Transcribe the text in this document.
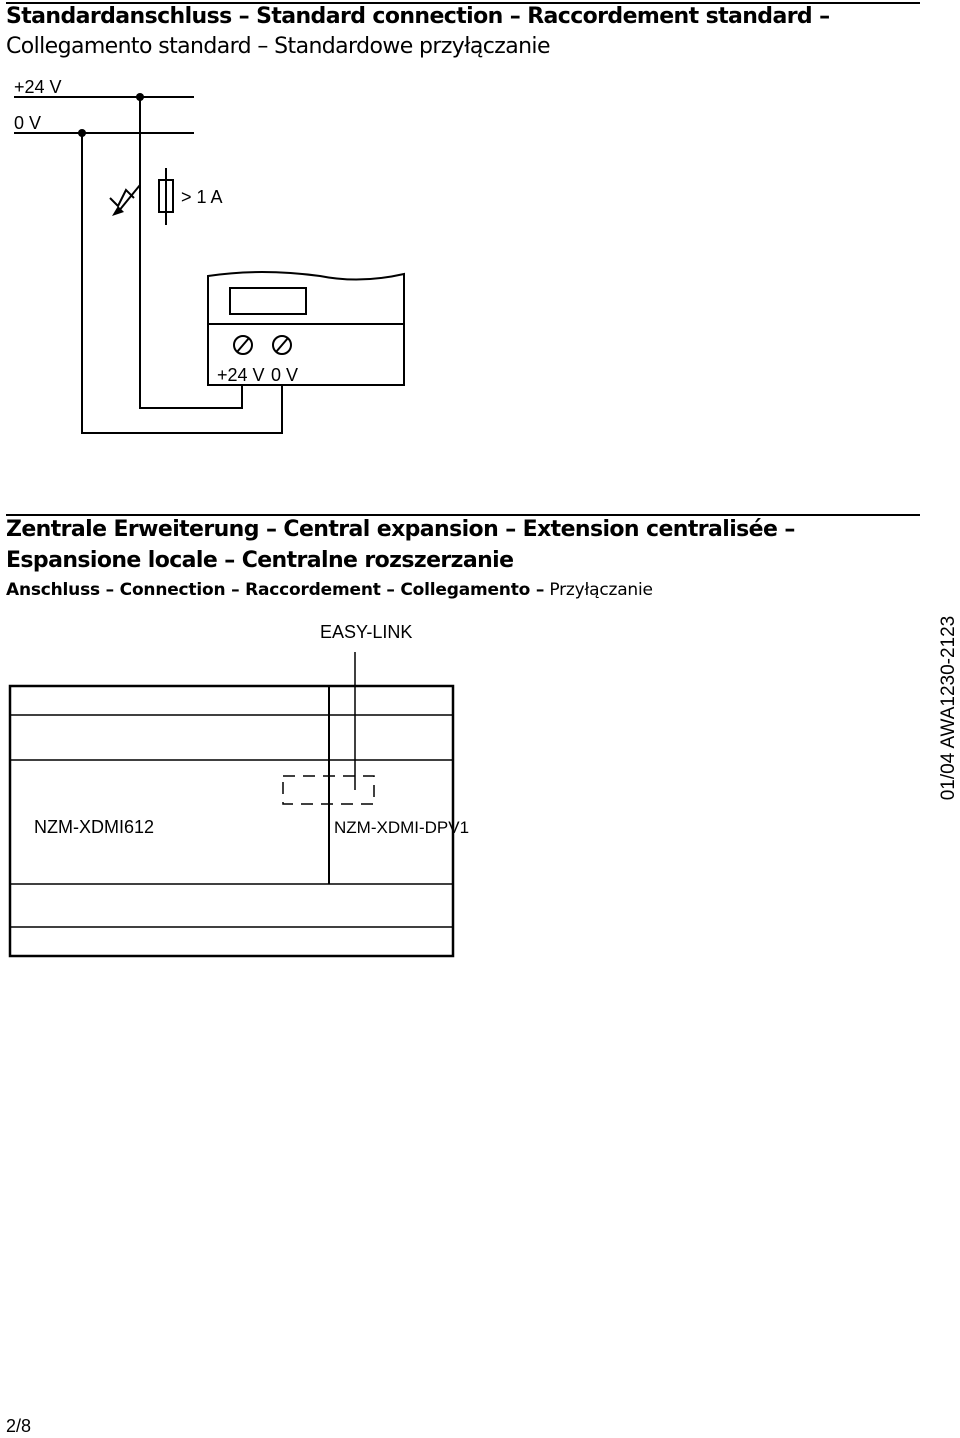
Standardanschluss – Standard connection – Raccordement standard –
Collegamento standard – Standardowe przyłączanie
+24 V
0 V
> 1 A
+24 V 0 V
Zentrale Erweiterung – Central expansion – Extension centralisée –
Espansione locale – Centralne rozszerzanie
Anschluss – Connection – Raccordement – Collegamento – Przyłączanie
EASY-LINK
NZM-XDMI612	NZM-XDMI-DPV1
01/04 AWA1230-2123
2/8
